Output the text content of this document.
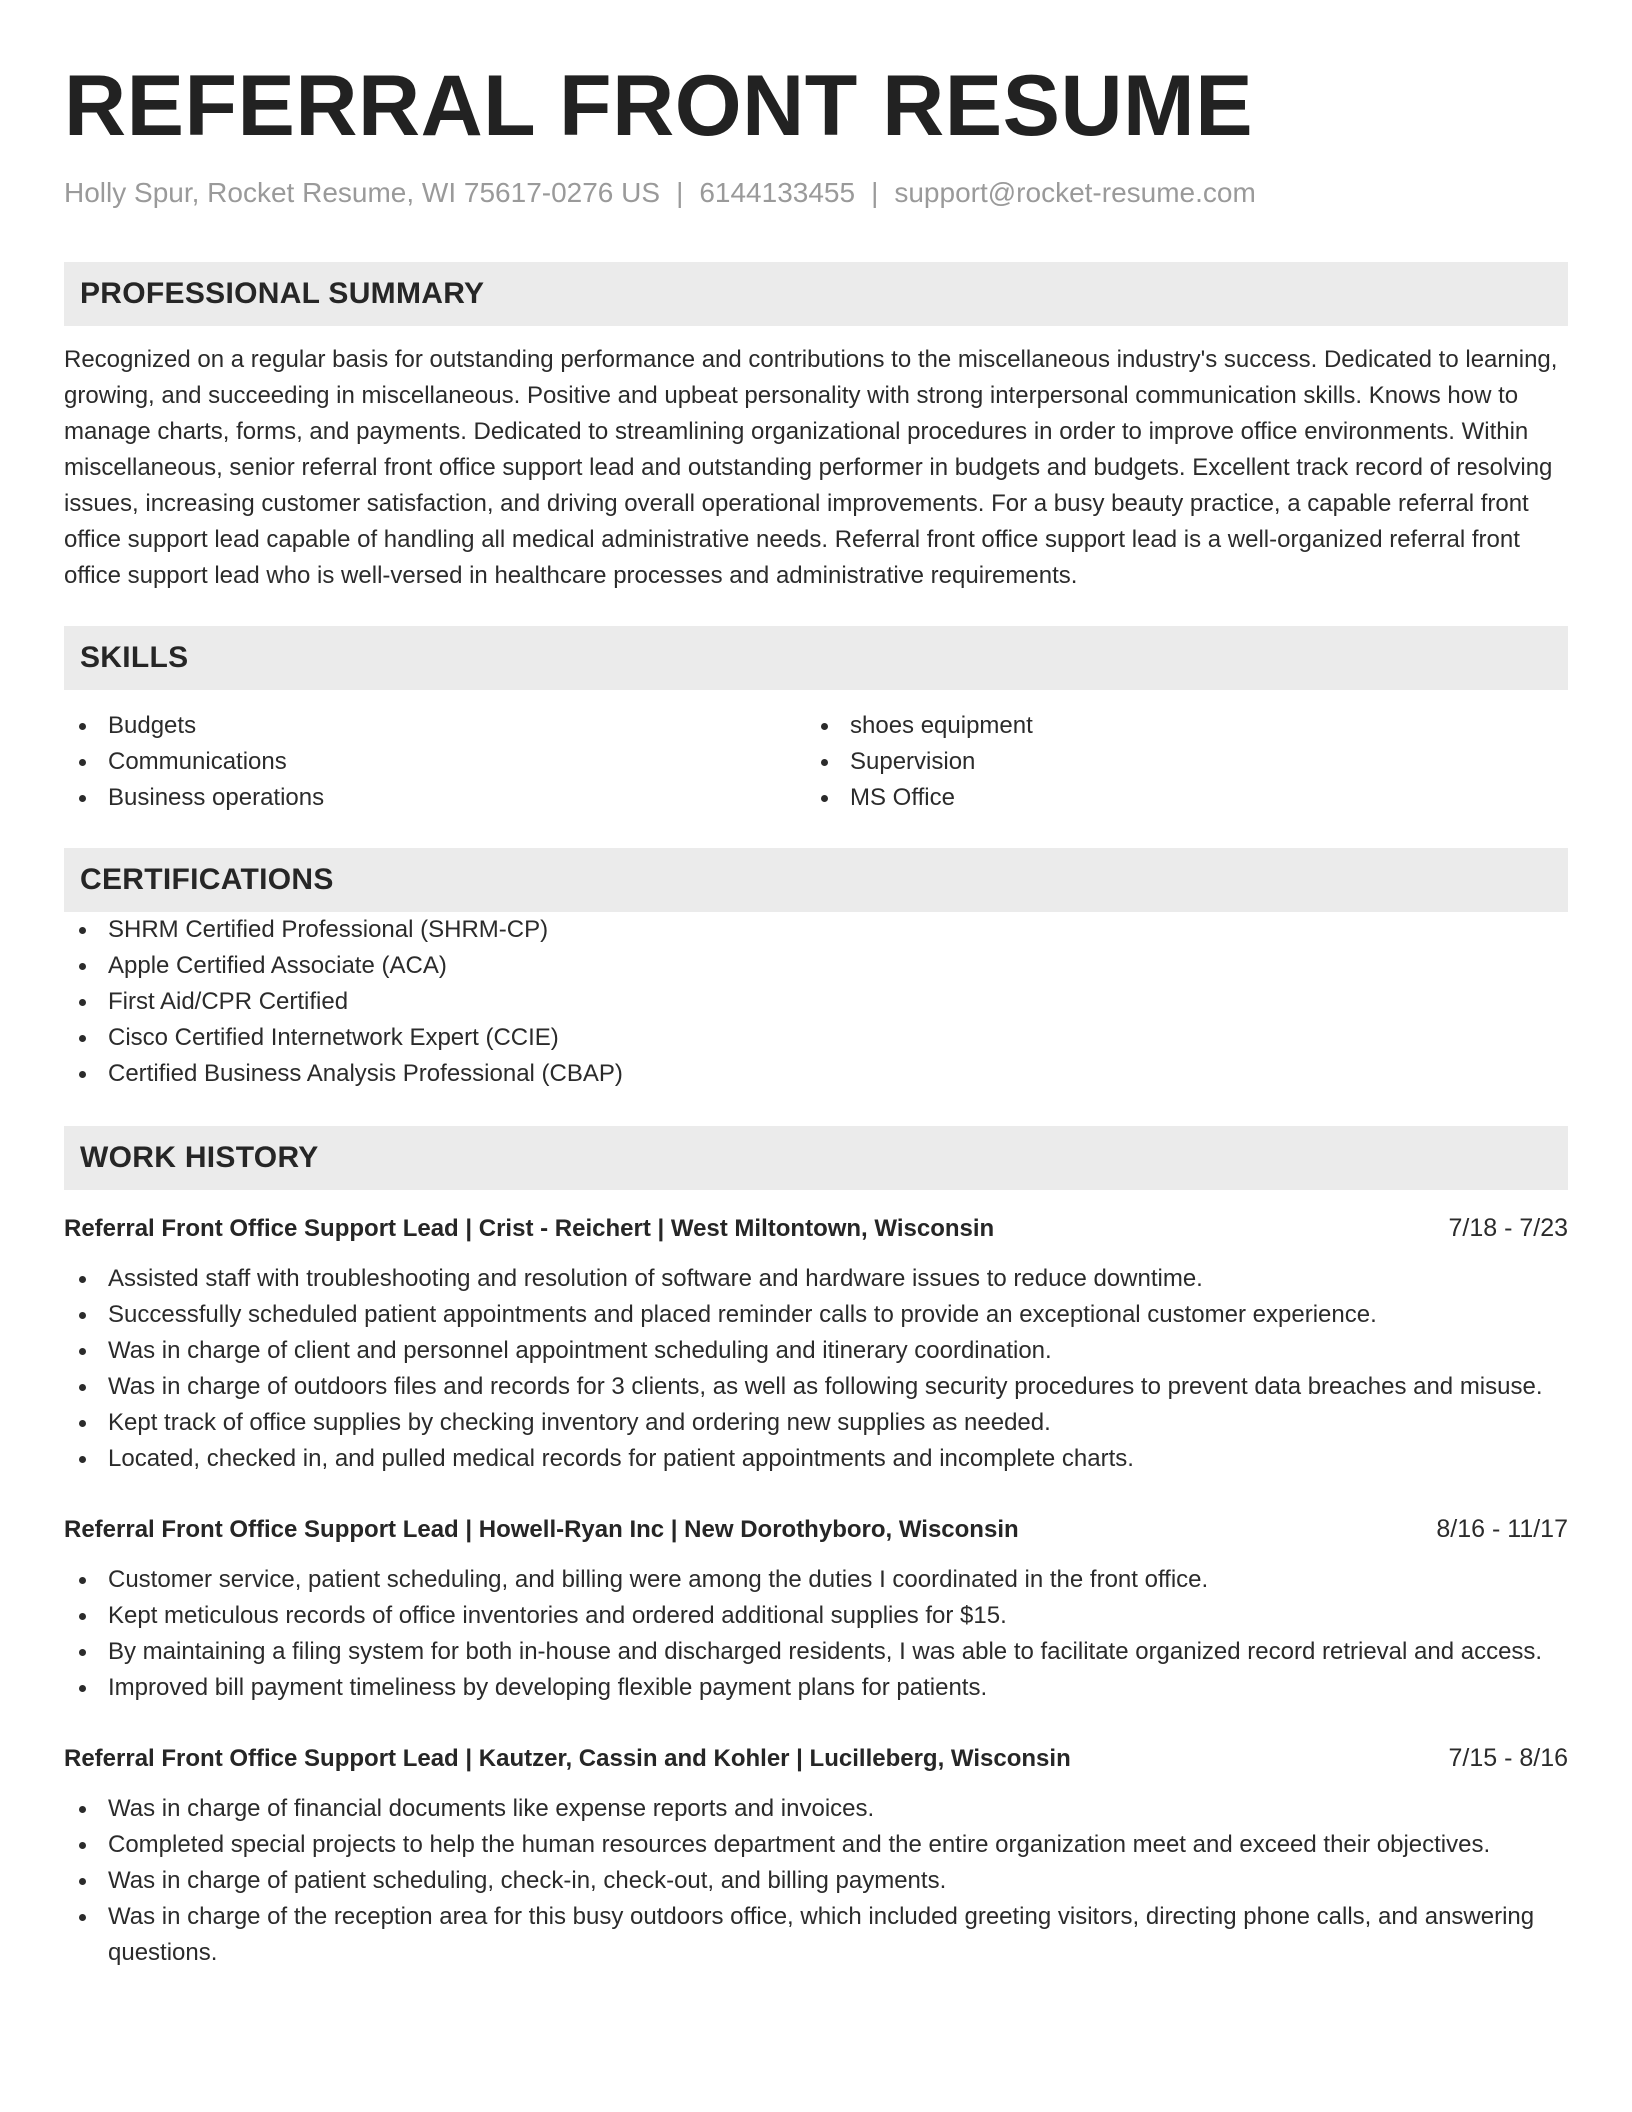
REFERRAL FRONT RESUME
Holly Spur, Rocket Resume, WI 75617-0276 US | 6144133455 | support@rocket-resume.com
PROFESSIONAL SUMMARY
Recognized on a regular basis for outstanding performance and contributions to the miscellaneous industry's success. Dedicated to learning, growing, and succeeding in miscellaneous. Positive and upbeat personality with strong interpersonal communication skills. Knows how to manage charts, forms, and payments. Dedicated to streamlining organizational procedures in order to improve office environments. Within miscellaneous, senior referral front office support lead and outstanding performer in budgets and budgets. Excellent track record of resolving issues, increasing customer satisfaction, and driving overall operational improvements. For a busy beauty practice, a capable referral front office support lead capable of handling all medical administrative needs. Referral front office support lead is a well-organized referral front office support lead who is well-versed in healthcare processes and administrative requirements.
SKILLS
Budgets
Communications
Business operations
shoes equipment
Supervision
MS Office
CERTIFICATIONS
SHRM Certified Professional (SHRM-CP)
Apple Certified Associate (ACA)
First Aid/CPR Certified
Cisco Certified Internetwork Expert (CCIE)
Certified Business Analysis Professional (CBAP)
WORK HISTORY
Referral Front Office Support Lead | Crist - Reichert | West Miltontown, Wisconsin	7/18 - 7/23
Assisted staff with troubleshooting and resolution of software and hardware issues to reduce downtime.
Successfully scheduled patient appointments and placed reminder calls to provide an exceptional customer experience.
Was in charge of client and personnel appointment scheduling and itinerary coordination.
Was in charge of outdoors files and records for 3 clients, as well as following security procedures to prevent data breaches and misuse.
Kept track of office supplies by checking inventory and ordering new supplies as needed.
Located, checked in, and pulled medical records for patient appointments and incomplete charts.
Referral Front Office Support Lead | Howell-Ryan Inc | New Dorothyboro, Wisconsin	8/16 - 11/17
Customer service, patient scheduling, and billing were among the duties I coordinated in the front office.
Kept meticulous records of office inventories and ordered additional supplies for $15.
By maintaining a filing system for both in-house and discharged residents, I was able to facilitate organized record retrieval and access.
Improved bill payment timeliness by developing flexible payment plans for patients.
Referral Front Office Support Lead | Kautzer, Cassin and Kohler | Lucilleberg, Wisconsin	7/15 - 8/16
Was in charge of financial documents like expense reports and invoices.
Completed special projects to help the human resources department and the entire organization meet and exceed their objectives.
Was in charge of patient scheduling, check-in, check-out, and billing payments.
Was in charge of the reception area for this busy outdoors office, which included greeting visitors, directing phone calls, and answering questions.
